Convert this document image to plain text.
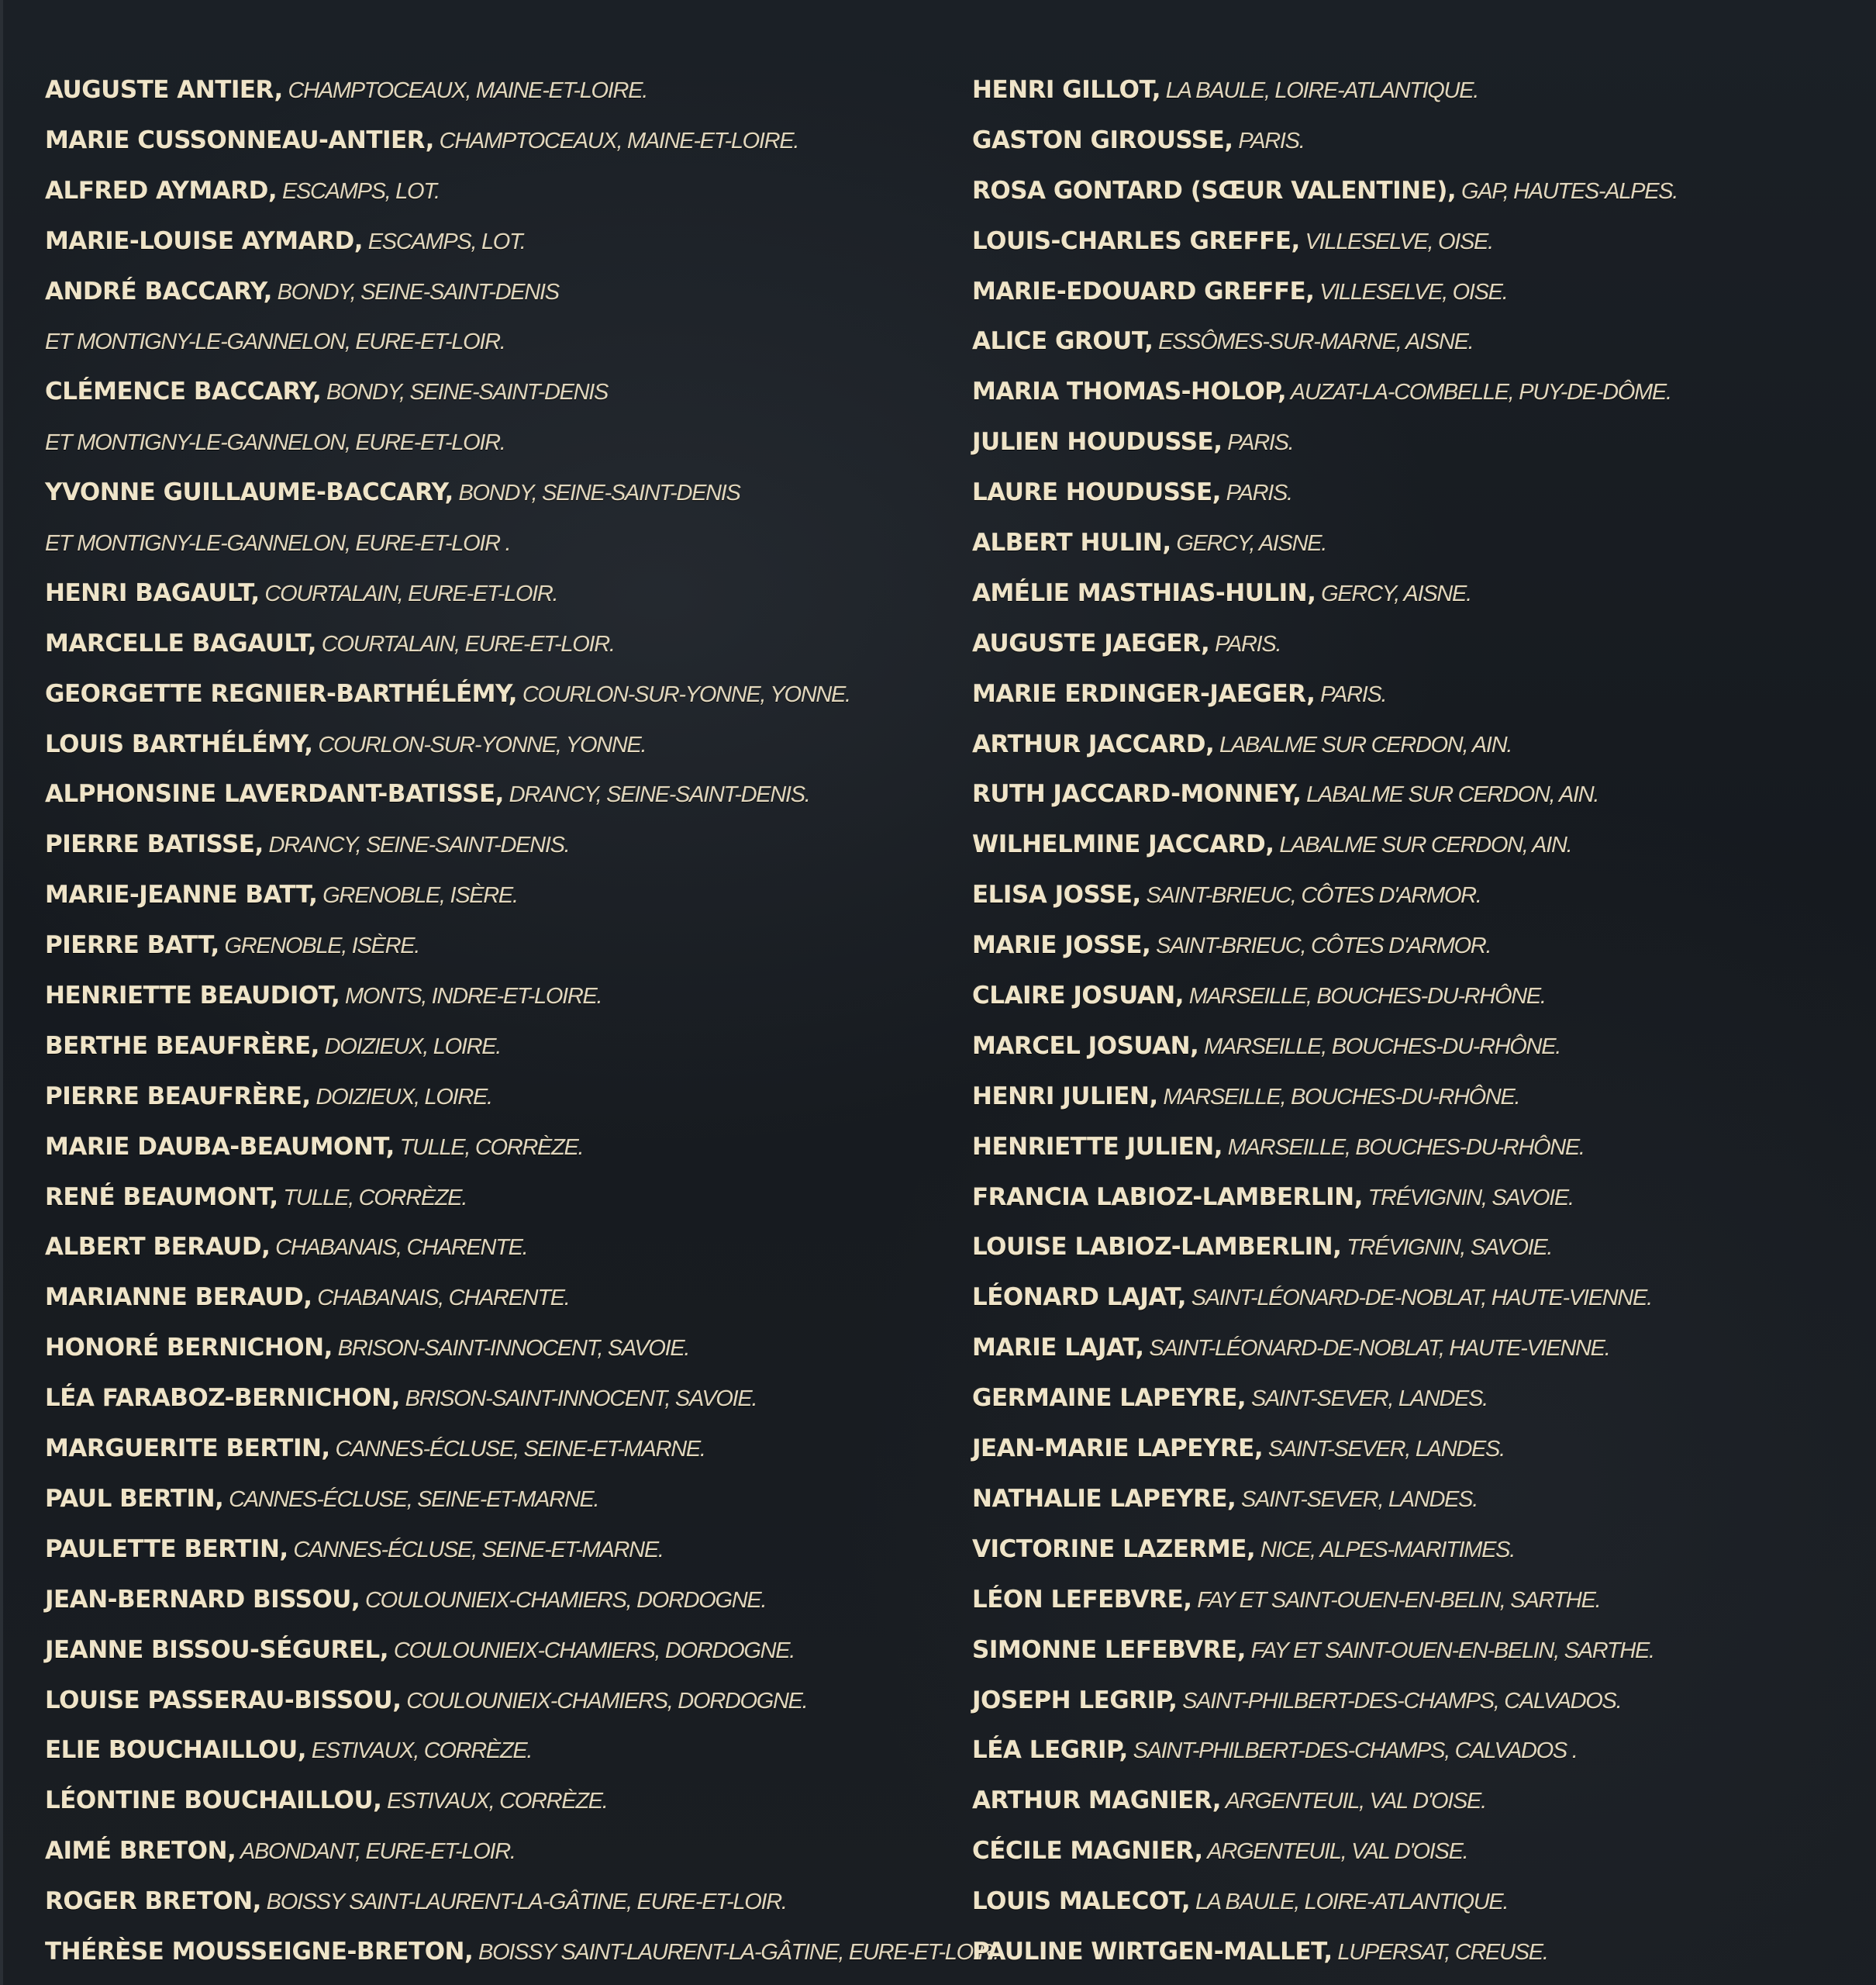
AUGUSTE ANTIER, CHAMPTOCEAUX, MAINE-ET-LOIRE.
MARIE CUSSONNEAU-ANTIER, CHAMPTOCEAUX, MAINE-ET-LOIRE.
ALFRED AYMARD, ESCAMPS, LOT.
MARIE-LOUISE AYMARD, ESCAMPS, LOT.
ANDRÉ BACCARY, BONDY, SEINE-SAINT-DENIS
ET MONTIGNY-LE-GANNELON, EURE-ET-LOIR.
CLÉMENCE BACCARY, BONDY, SEINE-SAINT-DENIS
ET MONTIGNY-LE-GANNELON, EURE-ET-LOIR.
YVONNE GUILLAUME-BACCARY, BONDY, SEINE-SAINT-DENIS
ET MONTIGNY-LE-GANNELON, EURE-ET-LOIR .
HENRI BAGAULT, COURTALAIN, EURE-ET-LOIR.
MARCELLE BAGAULT, COURTALAIN, EURE-ET-LOIR.
GEORGETTE REGNIER-BARTHÉLÉMY, COURLON-SUR-YONNE, YONNE.
LOUIS BARTHÉLÉMY, COURLON-SUR-YONNE, YONNE.
ALPHONSINE LAVERDANT-BATISSE, DRANCY, SEINE-SAINT-DENIS.
PIERRE BATISSE, DRANCY, SEINE-SAINT-DENIS.
MARIE-JEANNE BATT, GRENOBLE, ISÈRE.
PIERRE BATT, GRENOBLE, ISÈRE.
HENRIETTE BEAUDIOT, MONTS, INDRE-ET-LOIRE.
BERTHE BEAUFRÈRE, DOIZIEUX, LOIRE.
PIERRE BEAUFRÈRE, DOIZIEUX, LOIRE.
MARIE DAUBA-BEAUMONT, TULLE, CORRÈZE.
RENÉ BEAUMONT, TULLE, CORRÈZE.
ALBERT BERAUD, CHABANAIS, CHARENTE.
MARIANNE BERAUD, CHABANAIS, CHARENTE.
HONORÉ BERNICHON, BRISON-SAINT-INNOCENT, SAVOIE.
LÉA FARABOZ-BERNICHON, BRISON-SAINT-INNOCENT, SAVOIE.
MARGUERITE BERTIN, CANNES-ÉCLUSE, SEINE-ET-MARNE.
PAUL BERTIN, CANNES-ÉCLUSE, SEINE-ET-MARNE.
PAULETTE BERTIN, CANNES-ÉCLUSE, SEINE-ET-MARNE.
JEAN-BERNARD BISSOU, COULOUNIEIX-CHAMIERS, DORDOGNE.
JEANNE BISSOU-SÉGUREL, COULOUNIEIX-CHAMIERS, DORDOGNE.
LOUISE PASSERAU-BISSOU, COULOUNIEIX-CHAMIERS, DORDOGNE.
ELIE BOUCHAILLOU, ESTIVAUX, CORRÈZE.
LÉONTINE BOUCHAILLOU, ESTIVAUX, CORRÈZE.
AIMÉ BRETON, ABONDANT, EURE-ET-LOIR.
ROGER BRETON, BOISSY SAINT-LAURENT-LA-GÂTINE, EURE-ET-LOIR.
THÉRÈSE MOUSSEIGNE-BRETON, BOISSY SAINT-LAURENT-LA-GÂTINE, EURE-ET-LOIR.
HENRI GILLOT, LA BAULE, LOIRE-ATLANTIQUE.
GASTON GIROUSSE, PARIS.
ROSA GONTARD (SŒUR VALENTINE), GAP, HAUTES-ALPES.
LOUIS-CHARLES GREFFE, VILLESELVE, OISE.
MARIE-EDOUARD GREFFE, VILLESELVE, OISE.
ALICE GROUT, ESSÔMES-SUR-MARNE, AISNE.
MARIA THOMAS-HOLOP, AUZAT-LA-COMBELLE, PUY-DE-DÔME.
JULIEN HOUDUSSE, PARIS.
LAURE HOUDUSSE, PARIS.
ALBERT HULIN, GERCY, AISNE.
AMÉLIE MASTHIAS-HULIN, GERCY, AISNE.
AUGUSTE JAEGER, PARIS.
MARIE ERDINGER-JAEGER, PARIS.
ARTHUR JACCARD, LABALME SUR CERDON, AIN.
RUTH JACCARD-MONNEY, LABALME SUR CERDON, AIN.
WILHELMINE JACCARD, LABALME SUR CERDON, AIN.
ELISA JOSSE, SAINT-BRIEUC, CÔTES D'ARMOR.
MARIE JOSSE, SAINT-BRIEUC, CÔTES D'ARMOR.
CLAIRE JOSUAN, MARSEILLE, BOUCHES-DU-RHÔNE.
MARCEL JOSUAN, MARSEILLE, BOUCHES-DU-RHÔNE.
HENRI JULIEN, MARSEILLE, BOUCHES-DU-RHÔNE.
HENRIETTE JULIEN, MARSEILLE, BOUCHES-DU-RHÔNE.
FRANCIA LABIOZ-LAMBERLIN, TRÉVIGNIN, SAVOIE.
LOUISE LABIOZ-LAMBERLIN, TRÉVIGNIN, SAVOIE.
LÉONARD LAJAT, SAINT-LÉONARD-DE-NOBLAT, HAUTE-VIENNE.
MARIE LAJAT, SAINT-LÉONARD-DE-NOBLAT, HAUTE-VIENNE.
GERMAINE LAPEYRE, SAINT-SEVER, LANDES.
JEAN-MARIE LAPEYRE, SAINT-SEVER, LANDES.
NATHALIE LAPEYRE, SAINT-SEVER, LANDES.
VICTORINE LAZERME, NICE, ALPES-MARITIMES.
LÉON LEFEBVRE, FAY ET SAINT-OUEN-EN-BELIN, SARTHE.
SIMONNE LEFEBVRE, FAY ET SAINT-OUEN-EN-BELIN, SARTHE.
JOSEPH LEGRIP, SAINT-PHILBERT-DES-CHAMPS, CALVADOS.
LÉA LEGRIP, SAINT-PHILBERT-DES-CHAMPS, CALVADOS .
ARTHUR MAGNIER, ARGENTEUIL, VAL D'OISE.
CÉCILE MAGNIER, ARGENTEUIL, VAL D'OISE.
LOUIS MALECOT, LA BAULE, LOIRE-ATLANTIQUE.
PAULINE WIRTGEN-MALLET, LUPERSAT, CREUSE.
